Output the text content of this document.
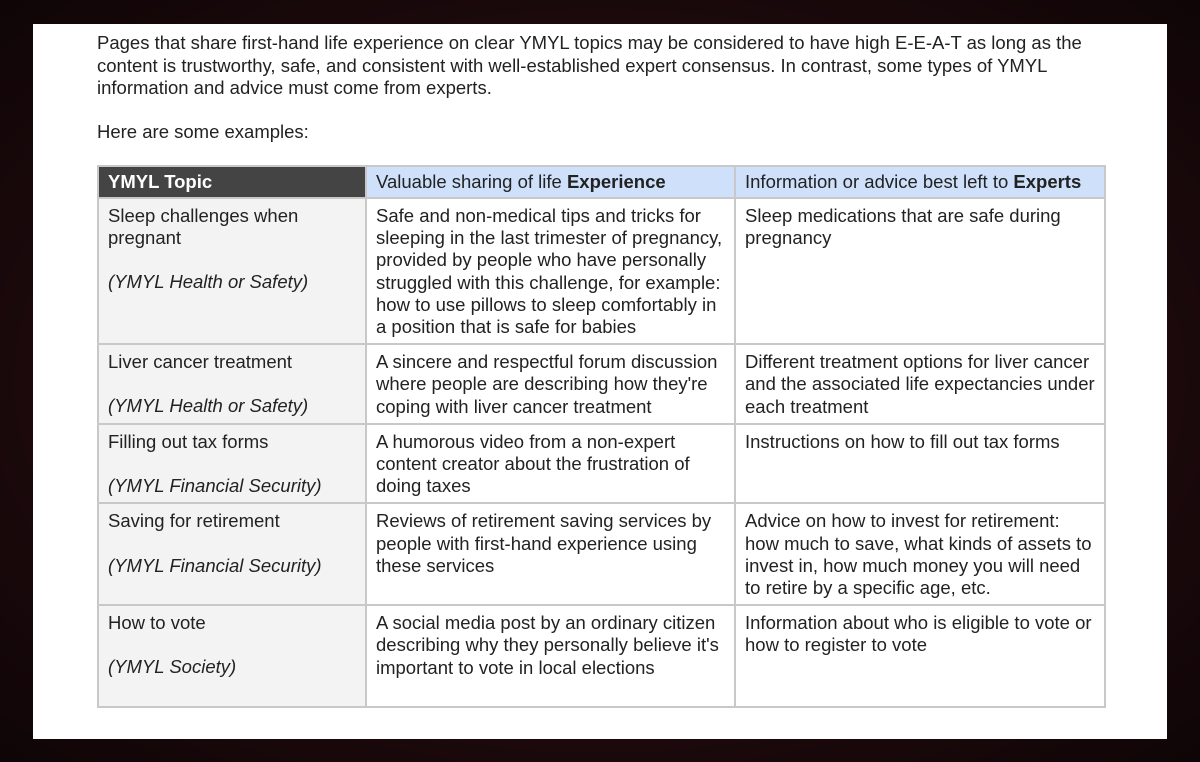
Pages that share first-hand life experience on clear YMYL topics may be considered to have high E-E-A-T as long as the content is trustworthy, safe, and consistent with well-established expert consensus. In contrast, some types of YMYL information and advice must come from experts.

Here are some examples:

YMYL Topic	Valuable sharing of life Experience	Information or advice best left to Experts

Sleep challenges when pregnant
(YMYL Health or Safety)	Safe and non-medical tips and tricks for sleeping in the last trimester of pregnancy, provided by people who have personally struggled with this challenge, for example: how to use pillows to sleep comfortably in a position that is safe for babies	Sleep medications that are safe during pregnancy

Liver cancer treatment
(YMYL Health or Safety)	A sincere and respectful forum discussion where people are describing how they're coping with liver cancer treatment	Different treatment options for liver cancer and the associated life expectancies under each treatment

Filling out tax forms
(YMYL Financial Security)	A humorous video from a non-expert content creator about the frustration of doing taxes	Instructions on how to fill out tax forms

Saving for retirement
(YMYL Financial Security)	Reviews of retirement saving services by people with first-hand experience using these services	Advice on how to invest for retirement: how much to save, what kinds of assets to invest in, how much money you will need to retire by a specific age, etc.

How to vote
(YMYL Society)	A social media post by an ordinary citizen describing why they personally believe it's important to vote in local elections	Information about who is eligible to vote or how to register to vote
